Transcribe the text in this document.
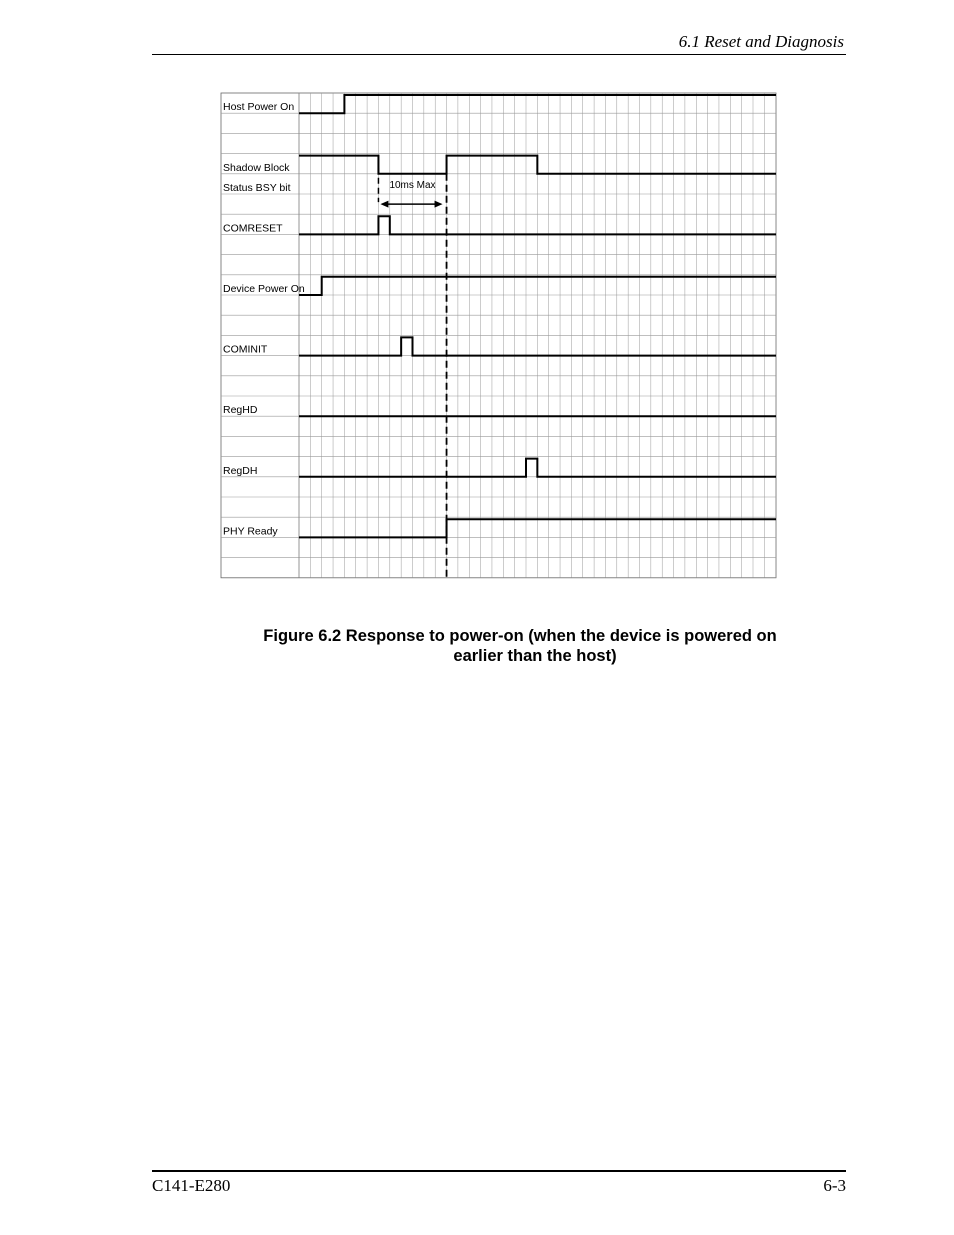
6.1 Reset and Diagnosis
Host Power On
Shadow Block
Status BSY bit
COMRESET
Device Power On
COMINIT
RegHD
RegDH
PHY Ready
10ms Max
Figure 6.2 Response to power-on (when the device is powered on
earlier than the host)
C141-E280	6-3
